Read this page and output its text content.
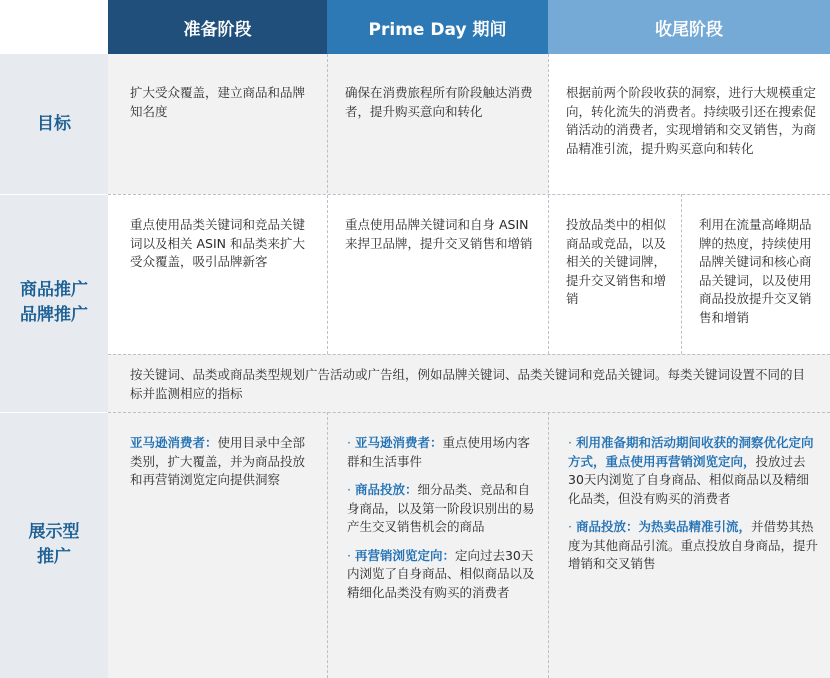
准备阶段	Prime Day 期间	收尾阶段
目标
商品推广
品牌推广
展示型
推广

扩大受众覆盖，建立商品和品牌知名度

确保在消费旅程所有阶段触达消费者，提升购买意向和转化

根据前两个阶段收获的洞察，进行大规模重定向，转化流失的消费者。持续吸引还在搜索促销活动的消费者，实现增销和交叉销售，为商品精准引流，提升购买意向和转化

重点使用品类关键词和竞品关键词以及相关 ASIN 和品类来扩大受众覆盖，吸引品牌新客

重点使用品牌关键词和自身 ASIN 来捍卫品牌，提升交叉销售和增销

投放品类中的相似商品或竞品，以及相关的关键词牌，提升交叉销售和增销

利用在流量高峰期品牌的热度，持续使用品牌关键词和核心商品关键词，以及使用商品投放提升交叉销售和增销

按关键词、品类或商品类型规划广告活动或广告组，例如品牌关键词、品类关键词和竞品关键词。每类关键词设置不同的目标并监测相应的指标

亚马逊消费者：使用目录中全部类别，扩大覆盖，并为商品投放和再营销浏览定向提供洞察

· 亚马逊消费者：重点使用场内客群和生活事件

· 商品投放：细分品类、竞品和自身商品，以及第一阶段识别出的易产生交叉销售机会的商品

· 再营销浏览定向：定向过去30天内浏览了自身商品、相似商品以及精细化品类没有购买的消费者

· 利用准备期和活动期间收获的洞察优化定向方式，重点使用再营销浏览定向，投放过去30天内浏览了自身商品、相似商品以及精细化品类，但没有购买的消费者

· 商品投放：为热卖品精准引流，并借势其热度为其他商品引流。重点投放自身商品，提升增销和交叉销售
